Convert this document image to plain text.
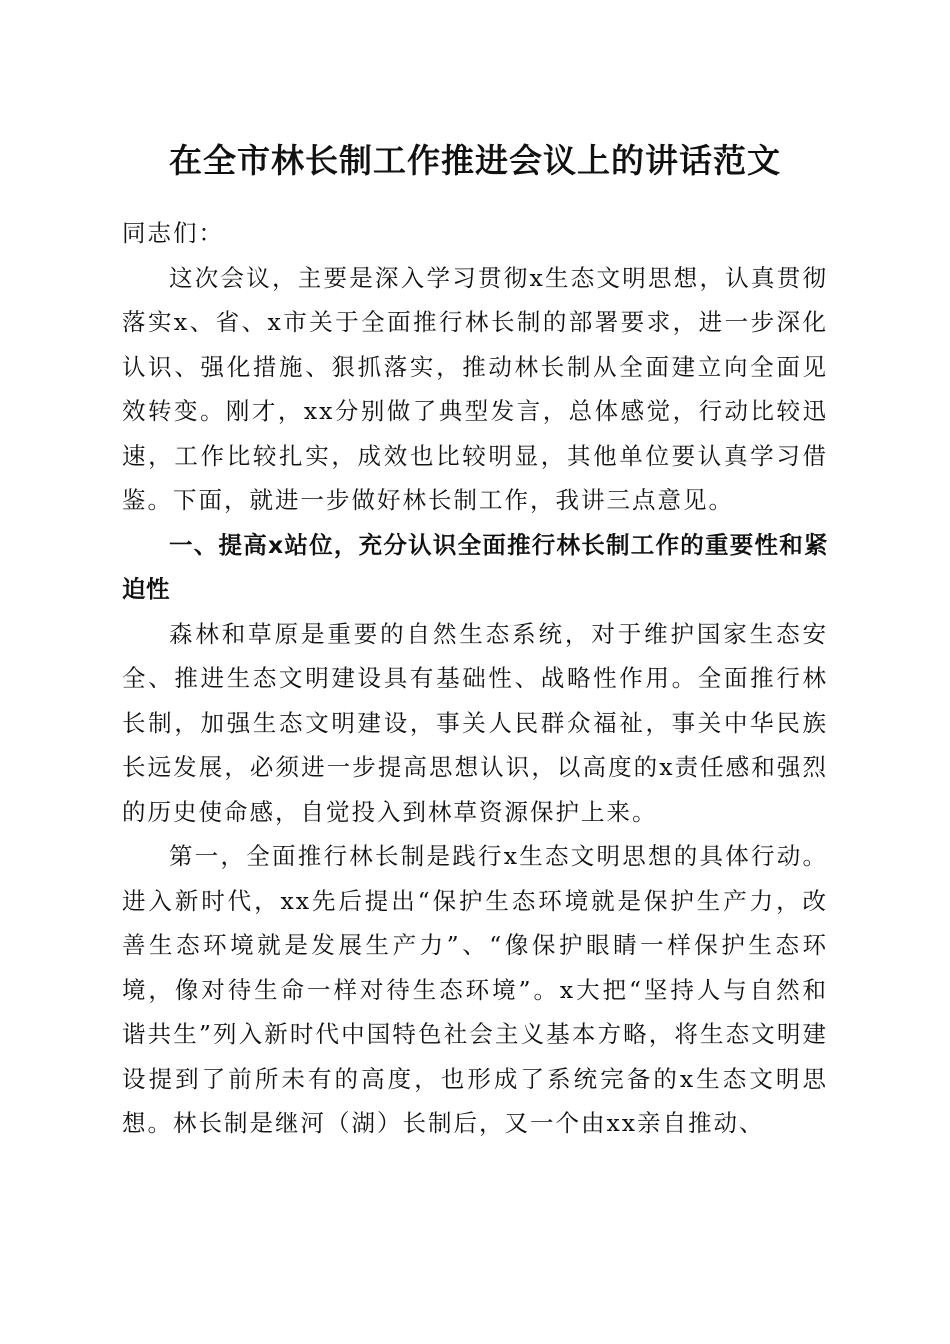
在全市林长制工作推进会议上的讲话范文

同志们：

这次会议，主要是深入学习贯彻x生态文明思想，认真贯彻落实x、省、x市关于全面推行林长制的部署要求，进一步深化认识、强化措施、狠抓落实，推动林长制从全面建立向全面见效转变。刚才，xx分别做了典型发言，总体感觉，行动比较迅速，工作比较扎实，成效也比较明显，其他单位要认真学习借鉴。下面，就进一步做好林长制工作，我讲三点意见。

一、提高x站位，充分认识全面推行林长制工作的重要性和紧迫性

森林和草原是重要的自然生态系统，对于维护国家生态安全、推进生态文明建设具有基础性、战略性作用。全面推行林长制，加强生态文明建设，事关人民群众福祉，事关中华民族长远发展，必须进一步提高思想认识，以高度的x责任感和强烈的历史使命感，自觉投入到林草资源保护上来。

第一，全面推行林长制是践行x生态文明思想的具体行动。进入新时代，xx先后提出“保护生态环境就是保护生产力，改善生态环境就是发展生产力”、“像保护眼睛一样保护生态环境，像对待生命一样对待生态环境”。x大把“坚持人与自然和谐共生”列入新时代中国特色社会主义基本方略，将生态文明建设提到了前所未有的高度，也形成了系统完备的x生态文明思想。林长制是继河（湖）长制后，又一个由xx亲自推动、
